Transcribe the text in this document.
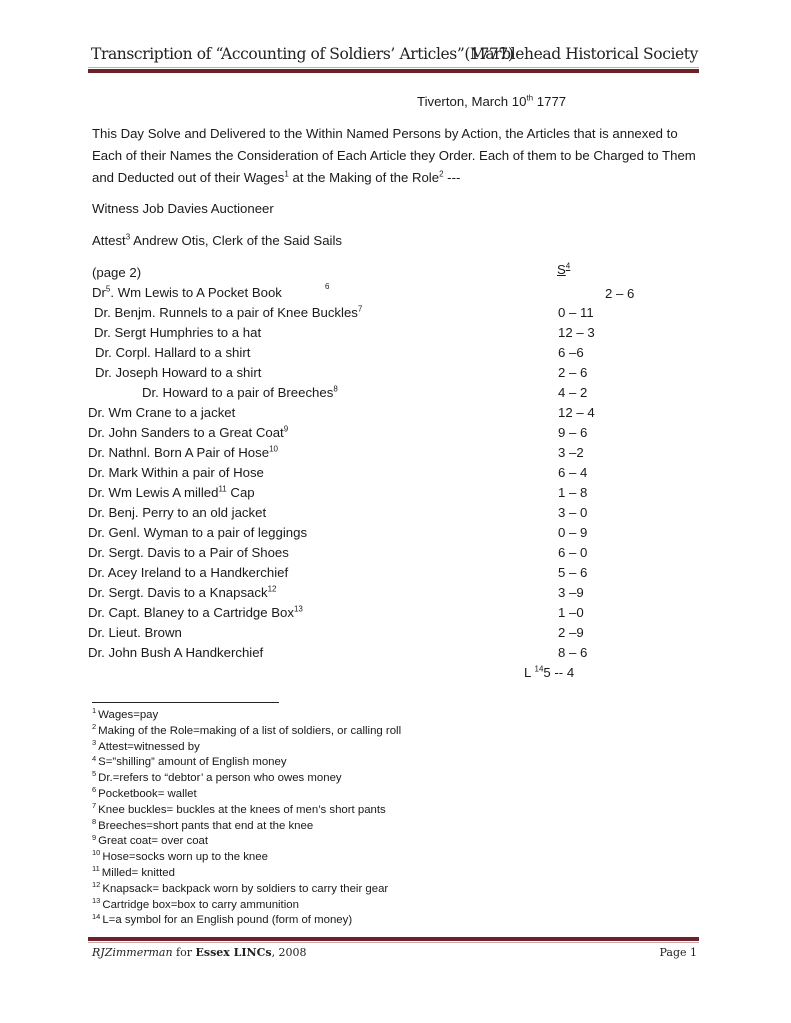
Transcription of “Accounting of Soldiers’ Articles”(1777)
Marblehead Historical Society
Tiverton, March 10th 1777
This Day Solve and Delivered to the Within Named Persons by Action, the Articles that is annexed to
Each of their Names the Consideration of Each Article they Order. Each of them to be Charged to Them
and Deducted out of their Wages$^1$ at the Making of the Role$^2$ ---
Witness Job Davies Auctioneer
Attest$^3$ Andrew Otis, Clerk of the Said Sails
(page 2)	$S^4$
Dr$^5$. Wm Lewis to A Pocket Book	6	2 – 6
Dr. Benjm. Runnels to a pair of Knee Buckles$^7$	0 – 11
Dr. Sergt Humphries to a hat	12 – 3
Dr. Corpl. Hallard to a shirt	6 –6
Dr. Joseph Howard to a shirt	2 – 6
Dr. Howard to a pair of Breeches$^8$	4 – 2
Dr. Wm Crane to a jacket	12 – 4
Dr. John Sanders to a Great Coat$^9$	9 – 6
Dr. Nathnl. Born A Pair of Hose$^{10}$	3 –2
Dr. Mark Within a pair of Hose	6 – 4
Dr. Wm Lewis A milled$^{11}$ Cap	1 – 8
Dr. Benj. Perry to an old jacket	3 – 0
Dr. Genl. Wyman to a pair of leggings	0 – 9
Dr. Sergt. Davis to a Pair of Shoes	6 – 0
Dr. Acey Ireland to a Handkerchief	5 – 6
Dr. Sergt. Davis to a Knapsack$^{12}$	3 –9
Dr. Capt. Blaney to a Cartridge Box$^{13}$	1 –0
Dr. Lieut. Brown	2 –9
Dr. John Bush A Handkerchief	8 – 6
L $^{14}$5 -- 4
$^1$ Wages=pay
$^2$ Making of the Role=making of a list of soldiers, or calling roll
$^3$ Attest=witnessed by
$^4$ S=”shilling” amount of English money
$^5$ Dr.=refers to “debtor’ a person who owes money
$^6$ Pocketbook= wallet
$^7$ Knee buckles= buckles at the knees of men’s short pants
$^8$ Breeches=short pants that end at the knee
$^9$ Great coat= over coat
$^{10}$ Hose=socks worn up to the knee
$^{11}$ Milled= knitted
$^{12}$ Knapsack= backpack worn by soldiers to carry their gear
$^{13}$ Cartridge box=box to carry ammunition
$^{14}$ L=a symbol for an English pound (form of money)
RJZimmerman for Essex LINCs, 2008	Page 1
